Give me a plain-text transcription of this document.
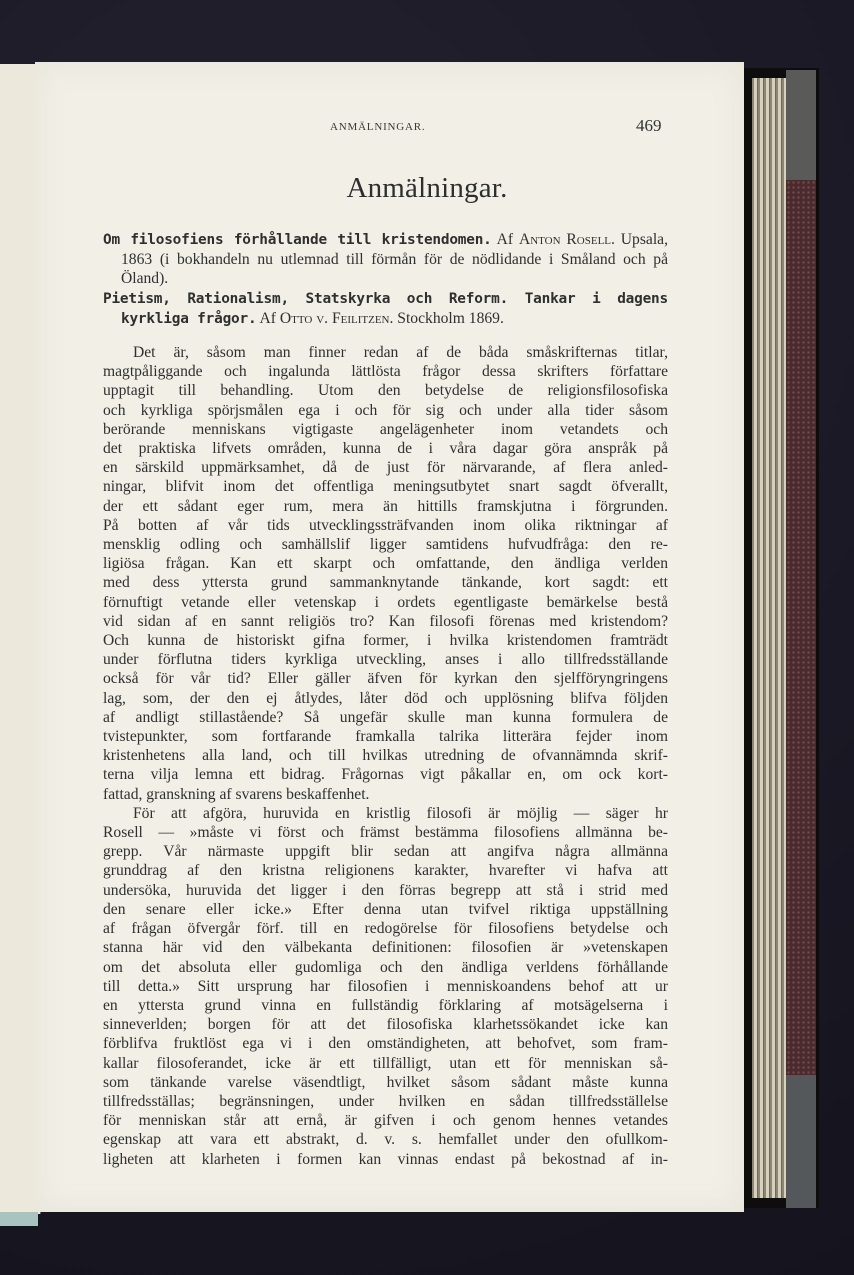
ANMÄLNINGAR.	469
Anmälningar.

Om filosofiens förhållande till kristendomen. Af Anton Rosell. Upsala, 1863 (i bokhandeln nu utlemnad till förmån för de nödlidande i Småland och på Öland).

Pietism, Rationalism, Statskyrka och Reform. Tankar i dagens kyrkliga frågor. Af Otto v. Feilitzen. Stockholm 1869.

Det är, såsom man finner redan af de båda småskrifternas titlar,
magtpåliggande och ingalunda lättlösta frågor dessa skrifters författare
upptagit till behandling. Utom den betydelse de religionsfilosofiska
och kyrkliga spörjsmålen ega i och för sig och under alla tider såsom
berörande menniskans vigtigaste angelägenheter inom vetandets och
det praktiska lifvets områden, kunna de i våra dagar göra anspråk på
en särskild uppmärksamhet, då de just för närvarande, af flera anled-
ningar, blifvit inom det offentliga meningsutbytet snart sagdt öfverallt,
der ett sådant eger rum, mera än hittills framskjutna i förgrunden.
På botten af vår tids utvecklingssträfvanden inom olika riktningar af
mensklig odling och samhällslif ligger samtidens hufvudfråga: den re-
ligiösa frågan. Kan ett skarpt och omfattande, den ändliga verlden
med dess yttersta grund sammanknytande tänkande, kort sagdt: ett
förnuftigt vetande eller vetenskap i ordets egentligaste bemärkelse bestå
vid sidan af en sannt religiös tro? Kan filosofi förenas med kristendom?
Och kunna de historiskt gifna former, i hvilka kristendomen framträdt
under förflutna tiders kyrkliga utveckling, anses i allo tillfredsställande
också för vår tid? Eller gäller äfven för kyrkan den sjelfföryngringens
lag, som, der den ej åtlydes, låter död och upplösning blifva följden
af andligt stillastående? Så ungefär skulle man kunna formulera de
tvistepunkter, som fortfarande framkalla talrika litterära fejder inom
kristenhetens alla land, och till hvilkas utredning de ofvannämnda skrif-
terna vilja lemna ett bidrag. Frågornas vigt påkallar en, om ock kort-
fattad, granskning af svarens beskaffenhet.
För att afgöra, huruvida en kristlig filosofi är möjlig — säger hr
Rosell — »måste vi först och främst bestämma filosofiens allmänna be-
grepp. Vår närmaste uppgift blir sedan att angifva några allmänna
grunddrag af den kristna religionens karakter, hvarefter vi hafva att
undersöka, huruvida det ligger i den förras begrepp att stå i strid med
den senare eller icke.» Efter denna utan tvifvel riktiga uppställning
af frågan öfvergår förf. till en redogörelse för filosofiens betydelse och
stanna här vid den välbekanta definitionen: filosofien är »vetenskapen
om det absoluta eller gudomliga och den ändliga verldens förhållande
till detta.» Sitt ursprung har filosofien i menniskoandens behof att ur
en yttersta grund vinna en fullständig förklaring af motsägelserna i
sinneverlden; borgen för att det filosofiska klarhetssökandet icke kan
förblifva fruktlöst ega vi i den omständigheten, att behofvet, som fram-
kallar filosoferandet, icke är ett tillfälligt, utan ett för menniskan så-
som tänkande varelse väsendtligt, hvilket såsom sådant måste kunna
tillfredsställas; begränsningen, under hvilken en sådan tillfredsställelse
för menniskan står att ernå, är gifven i och genom hennes vetandes
egenskap att vara ett abstrakt, d. v. s. hemfallet under den ofullkom-
ligheten att klarheten i formen kan vinnas endast på bekostnad af in-
